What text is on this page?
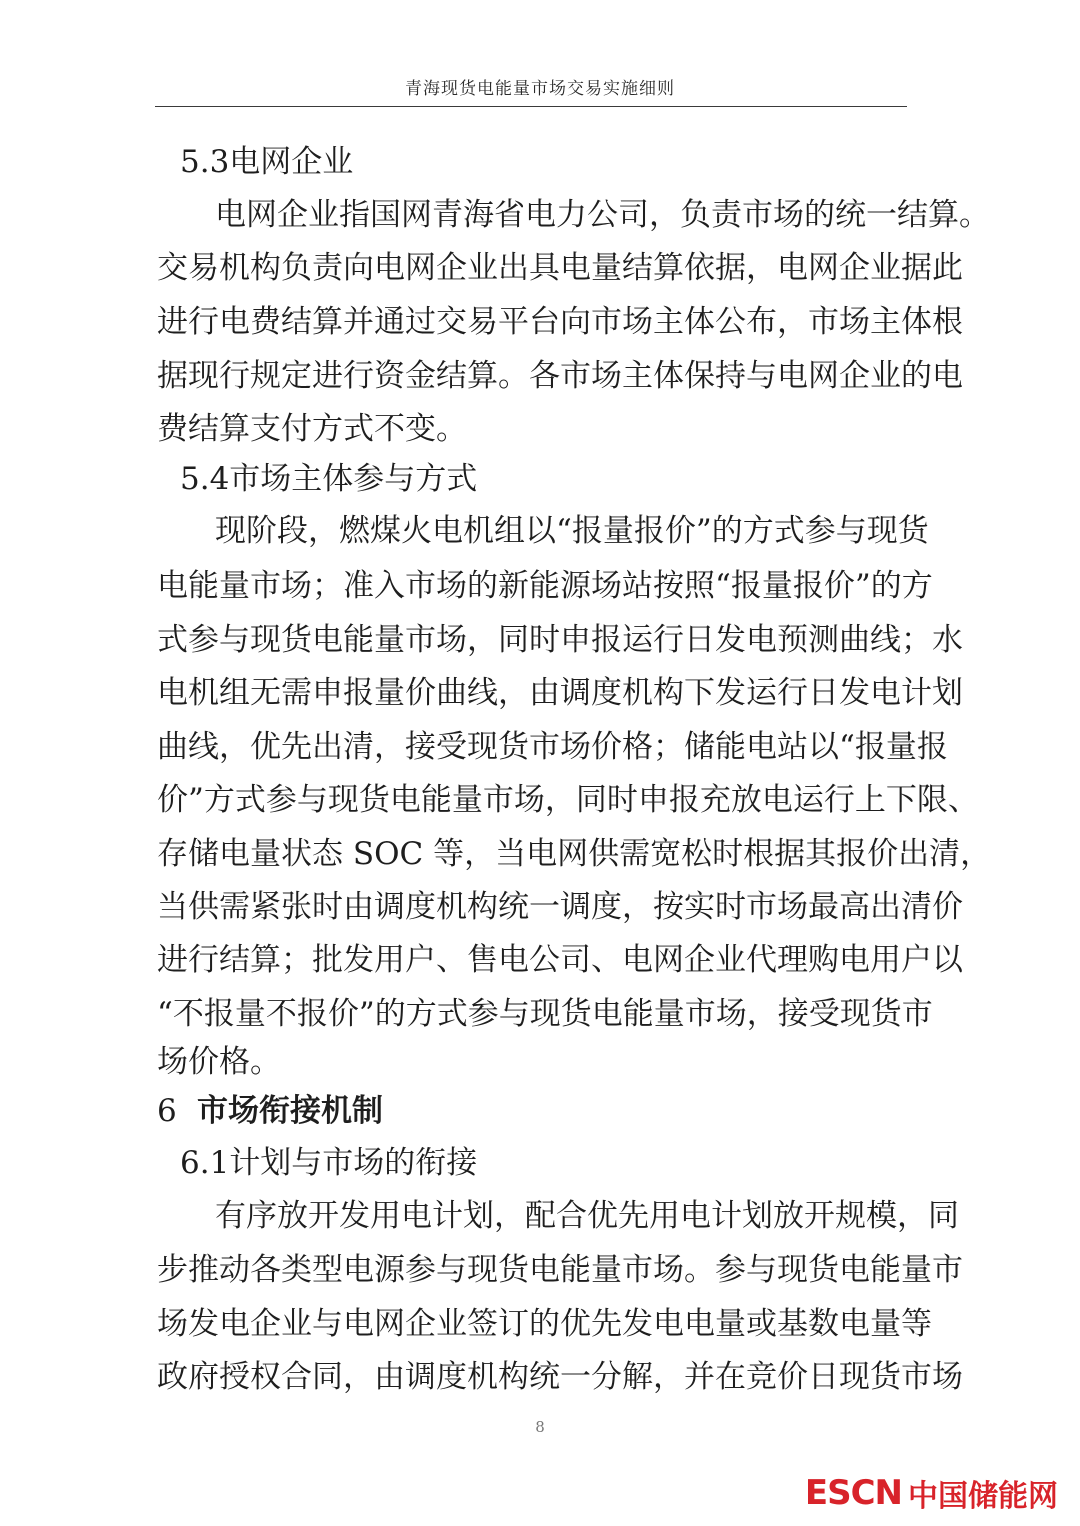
青海现货电能量市场交易实施细则
5.3电网企业
电网企业指国网青海省电力公司，负责市场的统一结算。
交易机构负责向电网企业出具电量结算依据，电网企业据此
进行电费结算并通过交易平台向市场主体公布，市场主体根
据现行规定进行资金结算。各市场主体保持与电网企业的电
费结算支付方式不变。
5.4市场主体参与方式
现阶段，燃煤火电机组以“报量报价”的方式参与现货
电能量市场；准入市场的新能源场站按照“报量报价”的方
式参与现货电能量市场，同时申报运行日发电预测曲线；水
电机组无需申报量价曲线，由调度机构下发运行日发电计划
曲线，优先出清，接受现货市场价格；储能电站以“报量报
价”方式参与现货电能量市场，同时申报充放电运行上下限、
存储电量状态 SOC 等，当电网供需宽松时根据其报价出清，
当供需紧张时由调度机构统一调度，按实时市场最高出清价
进行结算；批发用户、售电公司、电网企业代理购电用户以
“不报量不报价”的方式参与现货电能量市场，接受现货市
场价格。
6 市场衔接机制
6.1计划与市场的衔接
有序放开发用电计划，配合优先用电计划放开规模，同
步推动各类型电源参与现货电能量市场。参与现货电能量市
场发电企业与电网企业签订的优先发电电量或基数电量等
政府授权合同，由调度机构统一分解，并在竞价日现货市场
8
ESCN 中国储能网
